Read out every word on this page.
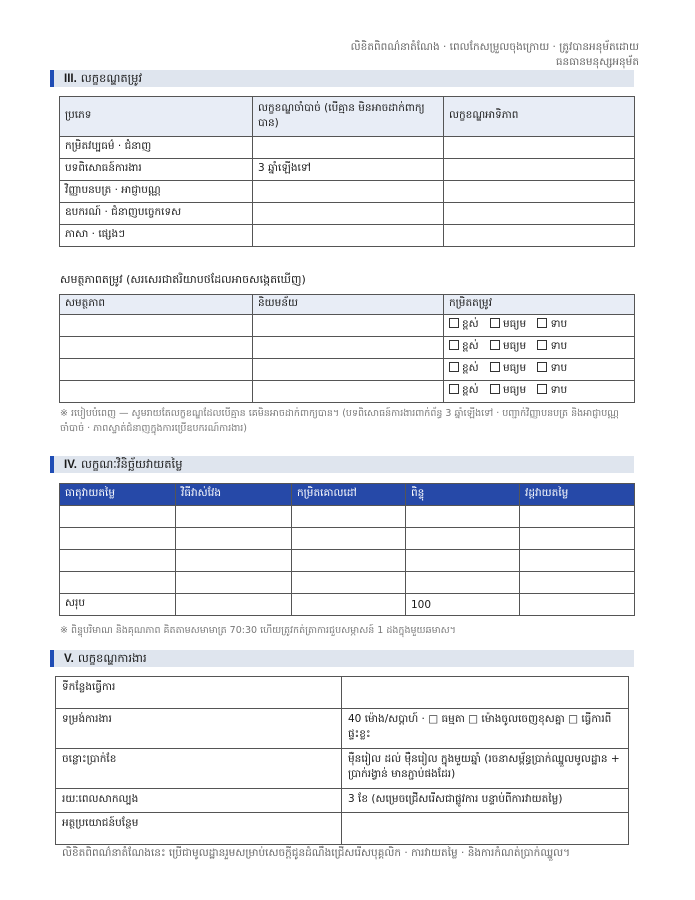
លិខិតពិពណ៌នាតំណែង · ពេលកែសម្រួលចុងក្រោយ · ត្រូវបានអនុម័តដោយ
ធនធានមនុស្សអនុម័ត
III. លក្ខខណ្ឌតម្រូវ
ប្រភេទ	លក្ខខណ្ឌចាំបាច់ (បើគ្មាន មិនអាចដាក់ពាក្យបាន)	លក្ខខណ្ឌអាទិភាព
កម្រិតវប្បធម៌ · ជំនាញ		
បទពិសោធន៍ការងារ	3 ឆ្នាំឡើងទៅ	
វិញ្ញាបនបត្រ · អាជ្ញាបណ្ណ		
ឧបករណ៍ · ជំនាញបច្ចេកទេស		
ភាសា · ផ្សេងៗ		
សមត្ថភាពតម្រូវ (សរសេរជាឥរិយាបថដែលអាចសង្កេតឃើញ)
សមត្ថភាព	និយមន័យ	កម្រិតតម្រូវ
		ខ្ពស់ មធ្យម ទាប
		ខ្ពស់ មធ្យម ទាប
		ខ្ពស់ មធ្យម ទាប
		ខ្ពស់ មធ្យម ទាប
※ របៀបបំពេញ — សូមរាយតែលក្ខខណ្ឌដែលបើគ្មាន គេមិនអាចដាក់ពាក្យបាន។ (បទពិសោធន៍ការងារពាក់ព័ន្ធ 3 ឆ្នាំឡើងទៅ · បញ្ជាក់វិញ្ញាបនបត្រ និងអាជ្ញាបណ្ណចាំបាច់ · ភាពស្ទាត់ជំនាញក្នុងការប្រើឧបករណ៍ការងារ)
IV. លក្ខណៈវិនិច្ឆ័យវាយតម្លៃ
ធាតុវាយតម្លៃ	វិធីវាស់វែង	កម្រិតគោលដៅ	ពិន្ទុ	វដ្តវាយតម្លៃ

សរុប			100	
※ ពិន្ទុបរិមាណ និងគុណភាព គិតតាមសមាមាត្រ 70:30 ហើយត្រូវកត់ត្រាការជួបសម្ភាសន៍ 1 ដងក្នុងមួយឆមាស។
V. លក្ខខណ្ឌការងារ
ទីកន្លែងធ្វើការ	
ទម្រង់ការងារ	40 ម៉ោង/សប្ដាហ៍ · □ ធម្មតា □ ម៉ោងចូលចេញខុសគ្នា □ ធ្វើការពីផ្ទះខ្លះ
ចន្លោះប្រាក់ខែ	ម៉ឺនរៀល ដល់ ម៉ឺនរៀល ក្នុងមួយឆ្នាំ (រចនាសម្ព័ន្ធប្រាក់ឈ្នួលមូលដ្ឋាន + ប្រាក់រង្វាន់ មានភ្ជាប់ផងដែរ)
រយៈពេលសាកល្បង	3 ខែ (សម្រេចជ្រើសរើសជាផ្លូវការ បន្ទាប់ពីការវាយតម្លៃ)
អត្ថប្រយោជន៍បន្ថែម	
លិខិតពិពណ៌នាតំណែងនេះ ប្រើជាមូលដ្ឋានរួមសម្រាប់សេចក្ដីជូនដំណឹងជ្រើសរើសបុគ្គលិក · ការវាយតម្លៃ · និងការកំណត់ប្រាក់ឈ្នួល។
